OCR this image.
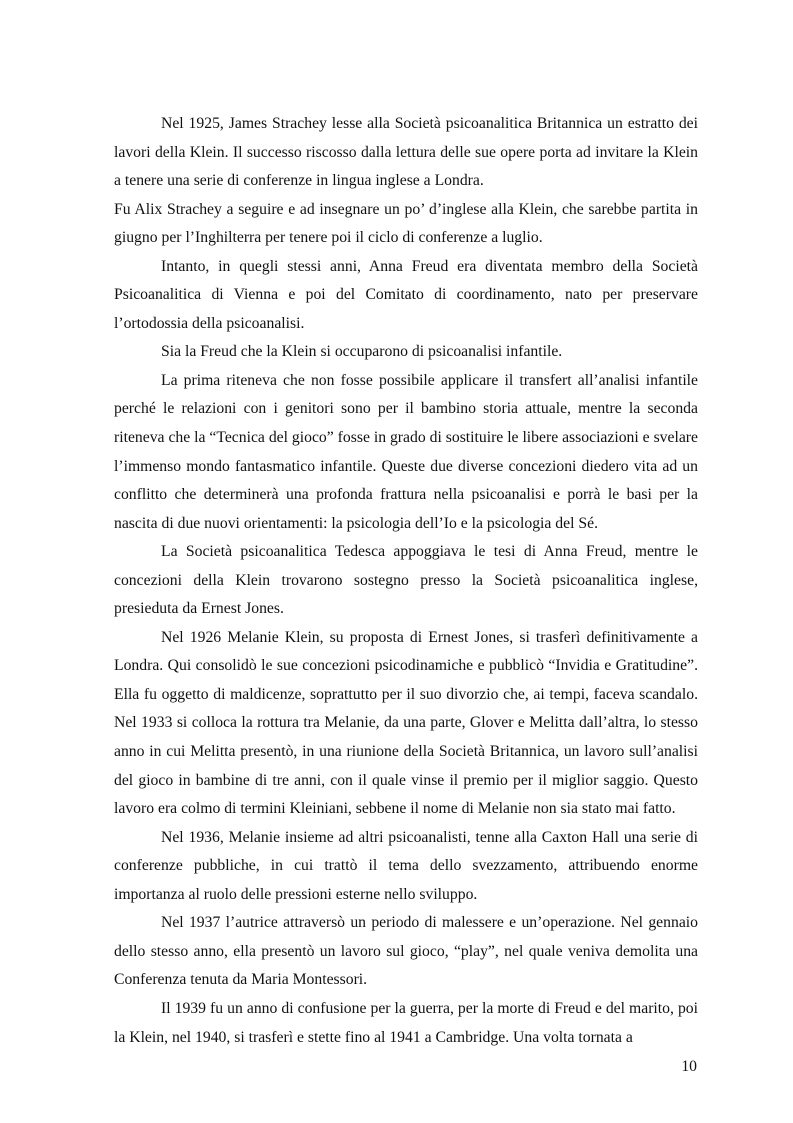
Nel 1925, James Strachey lesse alla Società psicoanalitica Britannica un estratto dei lavori della Klein. Il successo riscosso dalla lettura delle sue opere porta ad invitare la Klein a tenere una serie di conferenze in lingua inglese a Londra.

Fu Alix Strachey a seguire e ad insegnare un po’ d’inglese alla Klein, che sarebbe partita in giugno per l’Inghilterra per tenere poi il ciclo di conferenze a luglio.

Intanto, in quegli stessi anni, Anna Freud era diventata membro della Società Psicoanalitica di Vienna e poi del Comitato di coordinamento, nato per preservare l’ortodossia della psicoanalisi.

Sia la Freud che la Klein si occuparono di psicoanalisi infantile.

La prima riteneva che non fosse possibile applicare il transfert all’analisi infantile perché le relazioni con i genitori sono per il bambino storia attuale, mentre la seconda riteneva che la “Tecnica del gioco” fosse in grado di sostituire le libere associazioni e svelare l’immenso mondo fantasmatico infantile. Queste due diverse concezioni diedero vita ad un conflitto che determinerà una profonda frattura nella psicoanalisi e porrà le basi per la nascita di due nuovi orientamenti: la psicologia dell’Io e la psicologia del Sé.

La Società psicoanalitica Tedesca appoggiava le tesi di Anna Freud, mentre le concezioni della Klein trovarono sostegno presso la Società psicoanalitica inglese, presieduta da Ernest Jones.

Nel 1926 Melanie Klein, su proposta di Ernest Jones, si trasferì definitivamente a Londra. Qui consolidò le sue concezioni psicodinamiche e pubblicò “Invidia e Gratitudine”. Ella fu oggetto di maldicenze, soprattutto per il suo divorzio che, ai tempi, faceva scandalo. Nel 1933 si colloca la rottura tra Melanie, da una parte, Glover e Melitta dall’altra, lo stesso anno in cui Melitta presentò, in una riunione della Società Britannica, un lavoro sull’analisi del gioco in bambine di tre anni, con il quale vinse il premio per il miglior saggio. Questo lavoro era colmo di termini Kleiniani, sebbene il nome di Melanie non sia stato mai fatto.

Nel 1936, Melanie insieme ad altri psicoanalisti, tenne alla Caxton Hall una serie di conferenze pubbliche, in cui trattò il tema dello svezzamento, attribuendo enorme importanza al ruolo delle pressioni esterne nello sviluppo.

Nel 1937 l’autrice attraversò un periodo di malessere e un’operazione. Nel gennaio dello stesso anno, ella presentò un lavoro sul gioco, “play”, nel quale veniva demolita una Conferenza tenuta da Maria Montessori.

Il 1939 fu un anno di confusione per la guerra, per la morte di Freud e del marito, poi la Klein, nel 1940, si trasferì e stette fino al 1941 a Cambridge. Una volta tornata a

10
